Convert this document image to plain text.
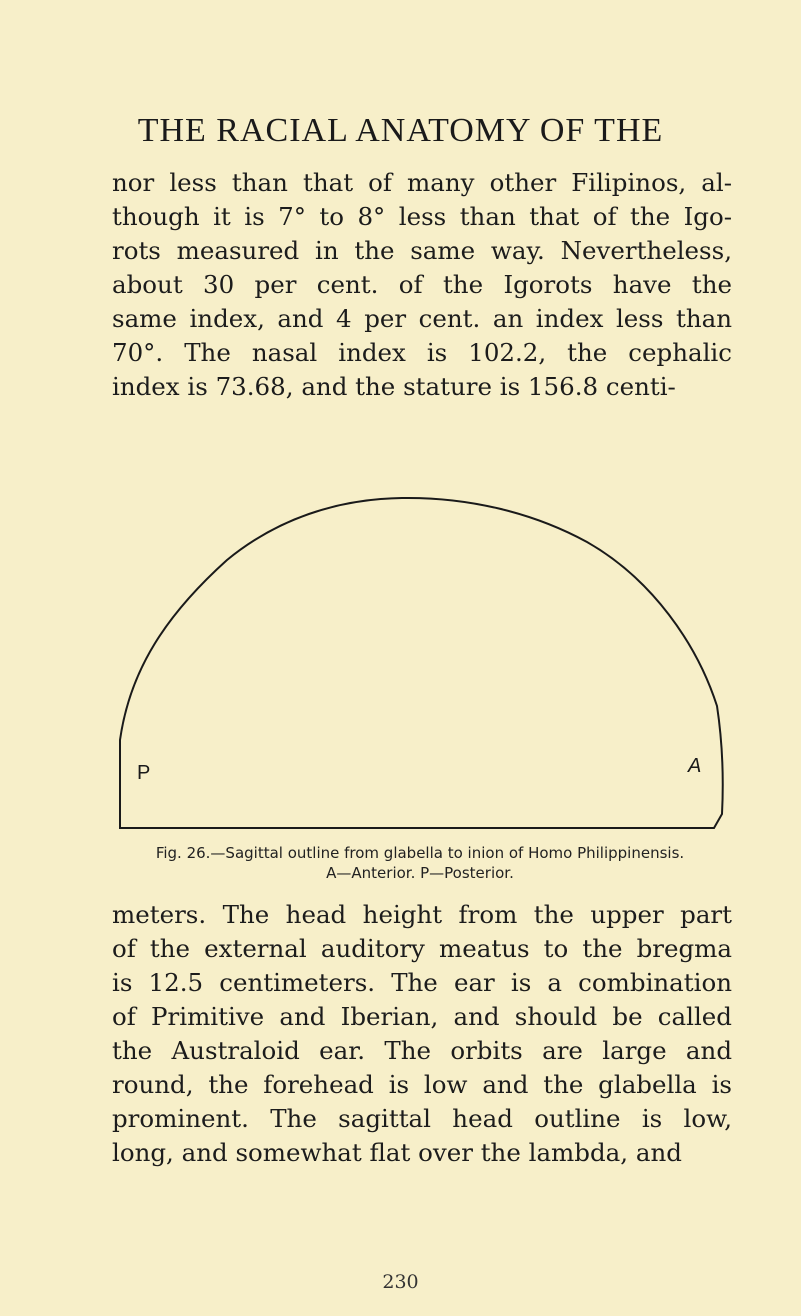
THE RACIAL ANATOMY OF THE
nor less than that of many other Filipinos, al-
though it is 7° to 8° less than that of the Igo-
rots measured in the same way. Nevertheless,
about 30 per cent. of the Igorots have the
same index, and 4 per cent. an index less than
70°. The nasal index is 102.2, the cephalic
index is 73.68, and the stature is 156.8 centi-
P	A
Fig. 26.—Sagittal outline from glabella to inion of Homo Philippinensis.
A—Anterior. P—Posterior.
meters. The head height from the upper part
of the external auditory meatus to the bregma
is 12.5 centimeters. The ear is a combination
of Primitive and Iberian, and should be called
the Australoid ear. The orbits are large and
round, the forehead is low and the glabella is
prominent. The sagittal head outline is low,
long, and somewhat flat over the lambda, and
230
